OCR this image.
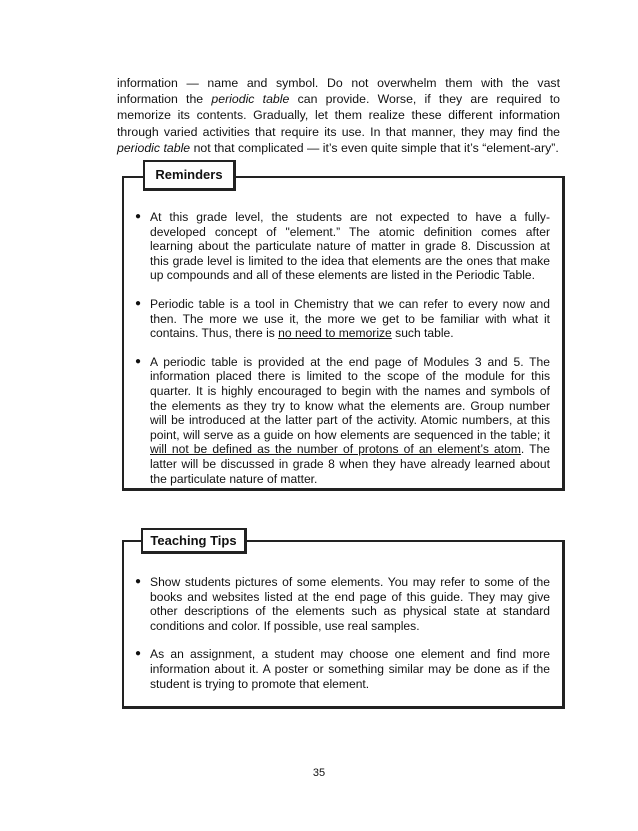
information — name and symbol. Do not overwhelm them with the vast information the periodic table can provide. Worse, if they are required to memorize its contents. Gradually, let them realize these different information through varied activities that require its use. In that manner, they may find the periodic table not that complicated — it’s even quite simple that it’s “element-ary”.

● At this grade level, the students are not expected to have a fully-developed concept of "element.” The atomic definition comes after learning about the particulate nature of matter in grade 8. Discussion at this grade level is limited to the idea that elements are the ones that make up compounds and all of these elements are listed in the Periodic Table.
● Periodic table is a tool in Chemistry that we can refer to every now and then. The more we use it, the more we get to be familiar with what it contains. Thus, there is no need to memorize such table.
● A periodic table is provided at the end page of Modules 3 and 5. The information placed there is limited to the scope of the module for this quarter. It is highly encouraged to begin with the names and symbols of the elements as they try to know what the elements are. Group number will be introduced at the latter part of the activity. Atomic numbers, at this point, will serve as a guide on how elements are sequenced in the table; it will not be defined as the number of protons of an element’s atom. The latter will be discussed in grade 8 when they have already learned about the particulate nature of matter.
Reminders
● Show students pictures of some elements. You may refer to some of the books and websites listed at the end page of this guide. They may give other descriptions of the elements such as physical state at standard conditions and color. If possible, use real samples.
● As an assignment, a student may choose one element and find more information about it. A poster or something similar may be done as if the student is trying to promote that element.
Teaching Tips
35
